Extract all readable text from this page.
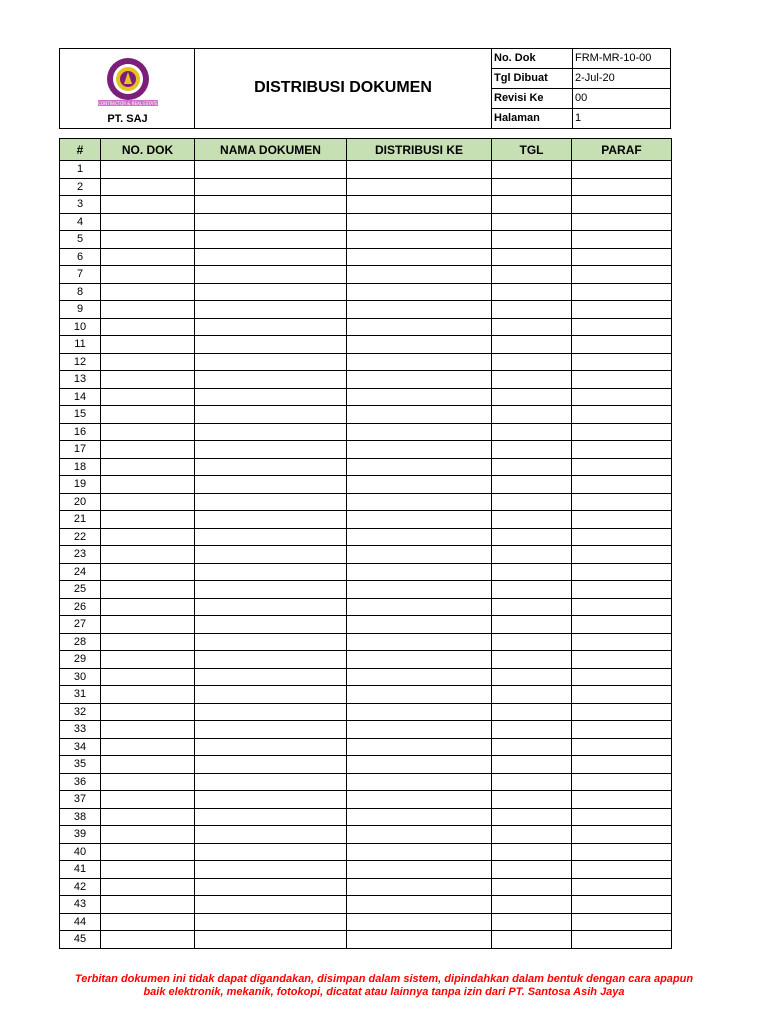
CONTRACTOR & REAL ESTATE
PT. SAJ
DISTRIBUSI DOKUMEN
No. Dok	FRM-MR-10-00
Tgl Dibuat 2-Jul-20
Revisi Ke	00
Halaman	1
#	NO. DOK	NAMA DOKUMEN	DISTRIBUSI KE	TGL	PARAF
1					
2					
3					
4					
5					
6					
7					
8					
9					
10					
11					
12					
13					
14					
15					
16					
17					
18					
19					
20					
21					
22					
23					
24					
25					
26					
27					
28					
29					
30					
31					
32					
33					
34					
35					
36					
37					
38					
39					
40					
41					
42					
43					
44					
45					
Terbitan dokumen ini tidak dapat digandakan, disimpan dalam sistem, dipindahkan dalam bentuk dengan cara apapun
baik elektronik, mekanik, fotokopi, dicatat atau lainnya tanpa izin dari PT. Santosa Asih Jaya
